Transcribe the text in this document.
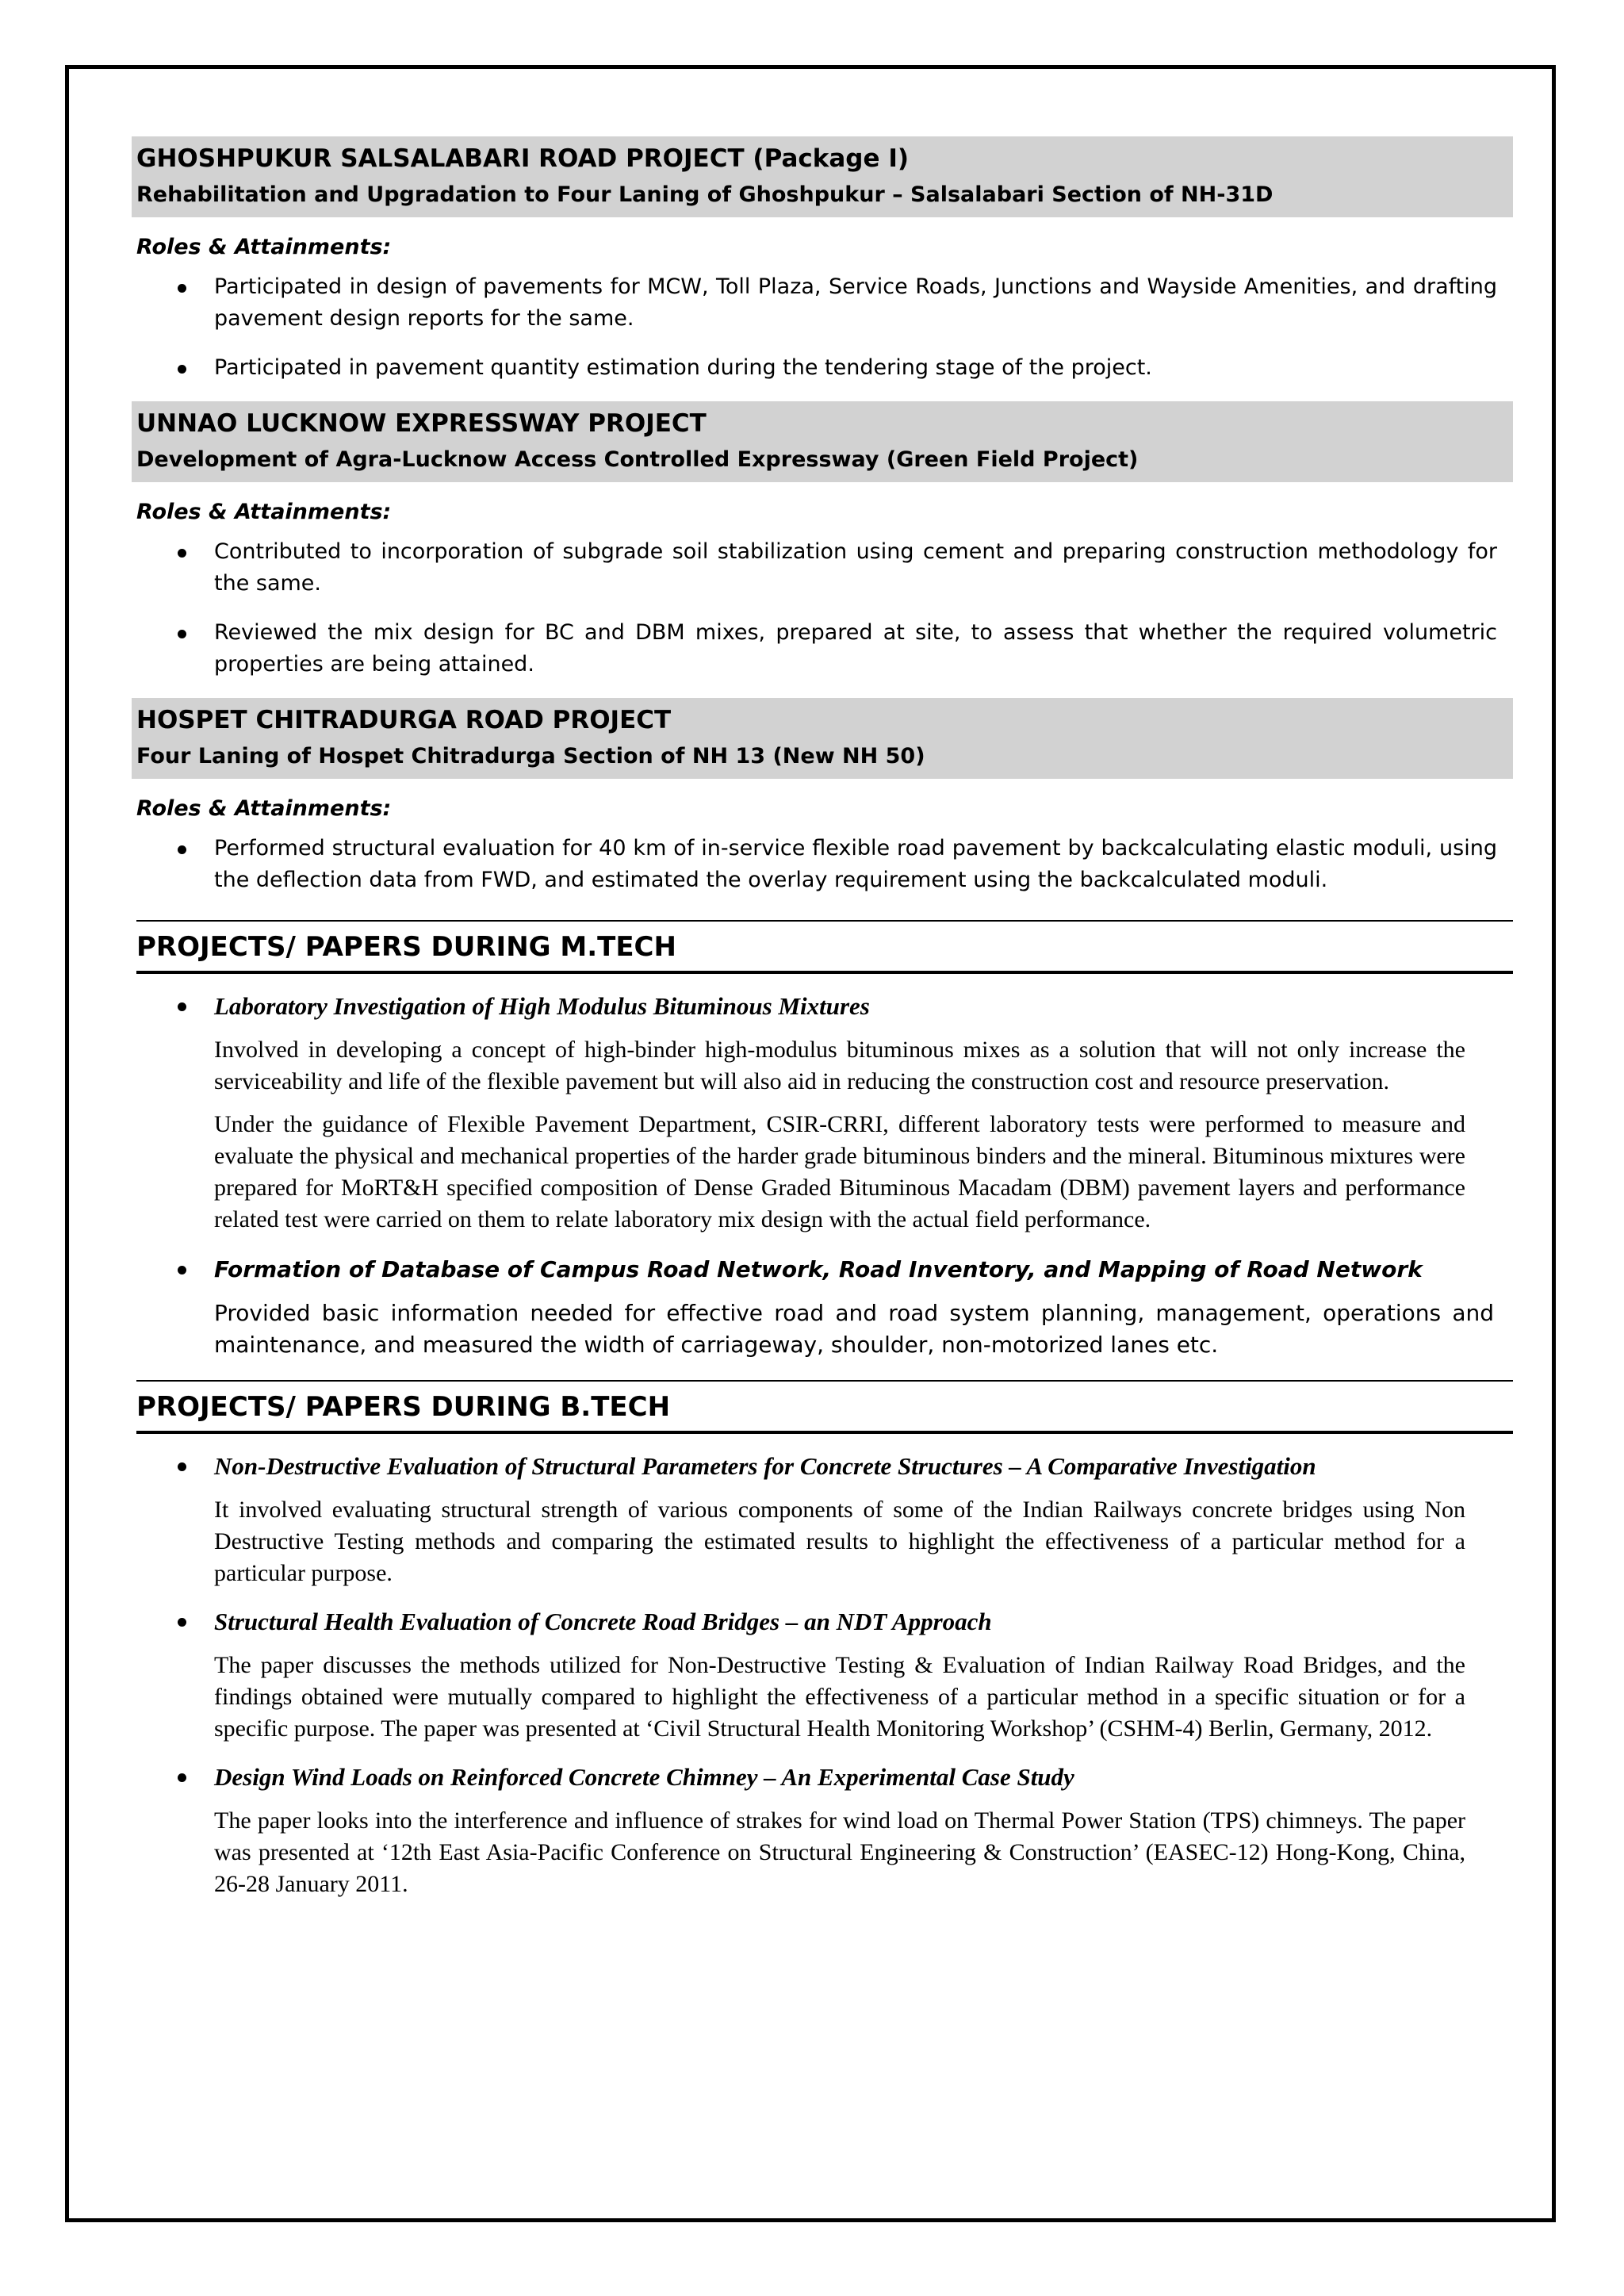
GHOSHPUKUR SALSALABARI ROAD PROJECT (Package I)
Rehabilitation and Upgradation to Four Laning of Ghoshpukur – Salsalabari Section of NH-31D
Roles & Attainments:
Participated in design of pavements for MCW, Toll Plaza, Service Roads, Junctions and Wayside Amenities, and drafting pavement design reports for the same.
Participated in pavement quantity estimation during the tendering stage of the project.
UNNAO LUCKNOW EXPRESSWAY PROJECT
Development of Agra-Lucknow Access Controlled Expressway (Green Field Project)
Roles & Attainments:
Contributed to incorporation of subgrade soil stabilization using cement and preparing construction methodology for the same.
Reviewed the mix design for BC and DBM mixes, prepared at site, to assess that whether the required volumetric properties are being attained.
HOSPET CHITRADURGA ROAD PROJECT
Four Laning of Hospet Chitradurga Section of NH 13 (New NH 50)
Roles & Attainments:
Performed structural evaluation for 40 km of in-service flexible road pavement by backcalculating elastic moduli, using the deflection data from FWD, and estimated the overlay requirement using the backcalculated moduli.
PROJECTS/ PAPERS DURING M.TECH
Laboratory Investigation of High Modulus Bituminous Mixtures
Involved in developing a concept of high-binder high-modulus bituminous mixes as a solution that will not only increase the serviceability and life of the flexible pavement but will also aid in reducing the construction cost and resource preservation.
Under the guidance of Flexible Pavement Department, CSIR-CRRI, different laboratory tests were performed to measure and evaluate the physical and mechanical properties of the harder grade bituminous binders and the mineral. Bituminous mixtures were prepared for MoRT&H specified composition of Dense Graded Bituminous Macadam (DBM) pavement layers and performance related test were carried on them to relate laboratory mix design with the actual field performance.
Formation of Database of Campus Road Network, Road Inventory, and Mapping of Road Network
Provided basic information needed for effective road and road system planning, management, operations and maintenance, and measured the width of carriageway, shoulder, non-motorized lanes etc.
PROJECTS/ PAPERS DURING B.TECH
Non-Destructive Evaluation of Structural Parameters for Concrete Structures – A Comparative Investigation
It involved evaluating structural strength of various components of some of the Indian Railways concrete bridges using Non Destructive Testing methods and comparing the estimated results to highlight the effectiveness of a particular method for a particular purpose.
Structural Health Evaluation of Concrete Road Bridges – an NDT Approach
The paper discusses the methods utilized for Non-Destructive Testing & Evaluation of Indian Railway Road Bridges, and the findings obtained were mutually compared to highlight the effectiveness of a particular method in a specific situation or for a specific purpose. The paper was presented at ‘Civil Structural Health Monitoring Workshop’ (CSHM-4) Berlin, Germany, 2012.
Design Wind Loads on Reinforced Concrete Chimney – An Experimental Case Study
The paper looks into the interference and influence of strakes for wind load on Thermal Power Station (TPS) chimneys. The paper was presented at ‘12th East Asia-Pacific Conference on Structural Engineering & Construction’ (EASEC-12) Hong-Kong, China, 26-28 January 2011.
